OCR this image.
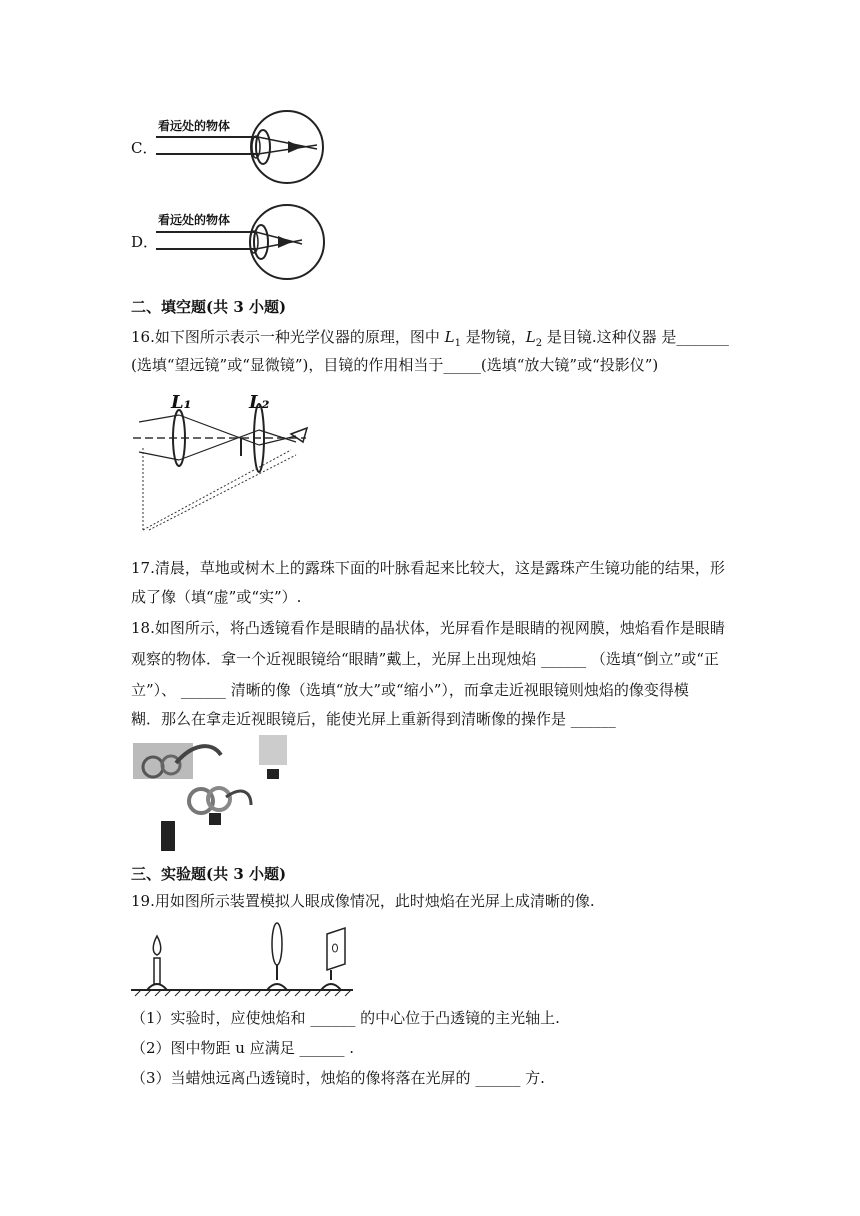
C．
看远处的物体
D．
看远处的物体
二、填空题(共 3 小题)
16.如下图所示表示一种光学仪器的原理，图中 $L_1$ 是物镜，$L_2$ 是目镜.这种仪器 是_______
(选填“望远镜”或“显微镜”)，目镜的作用相当于_____(选填“放大镜”或“投影仪”)
L₁	L₂
17.清晨，草地或树木上的露珠下面的叶脉看起来比较大，这是露珠产生镜功能的结果，形
成了像（填“虚”或“实”）.
18.如图所示，将凸透镜看作是眼睛的晶状体，光屏看作是眼睛的视网膜，烛焰看作是眼睛
观察的物体．拿一个近视眼镜给“眼睛”戴上，光屏上出现烛焰 ______ （选填“倒立”或“正
立”）、 ______ 清晰的像（选填“放大”或“缩小”），而拿走近视眼镜则烛焰的像变得模
糊．那么在拿走近视眼镜后，能使光屏上重新得到清晰像的操作是 ______
三、实验题(共 3 小题)
19.用如图所示装置模拟人眼成像情况，此时烛焰在光屏上成清晰的像.
（1）实验时，应使烛焰和 ______ 的中心位于凸透镜的主光轴上.
（2）图中物距 u 应满足 ______ .
（3）当蜡烛远离凸透镜时，烛焰的像将落在光屏的 ______ 方.
